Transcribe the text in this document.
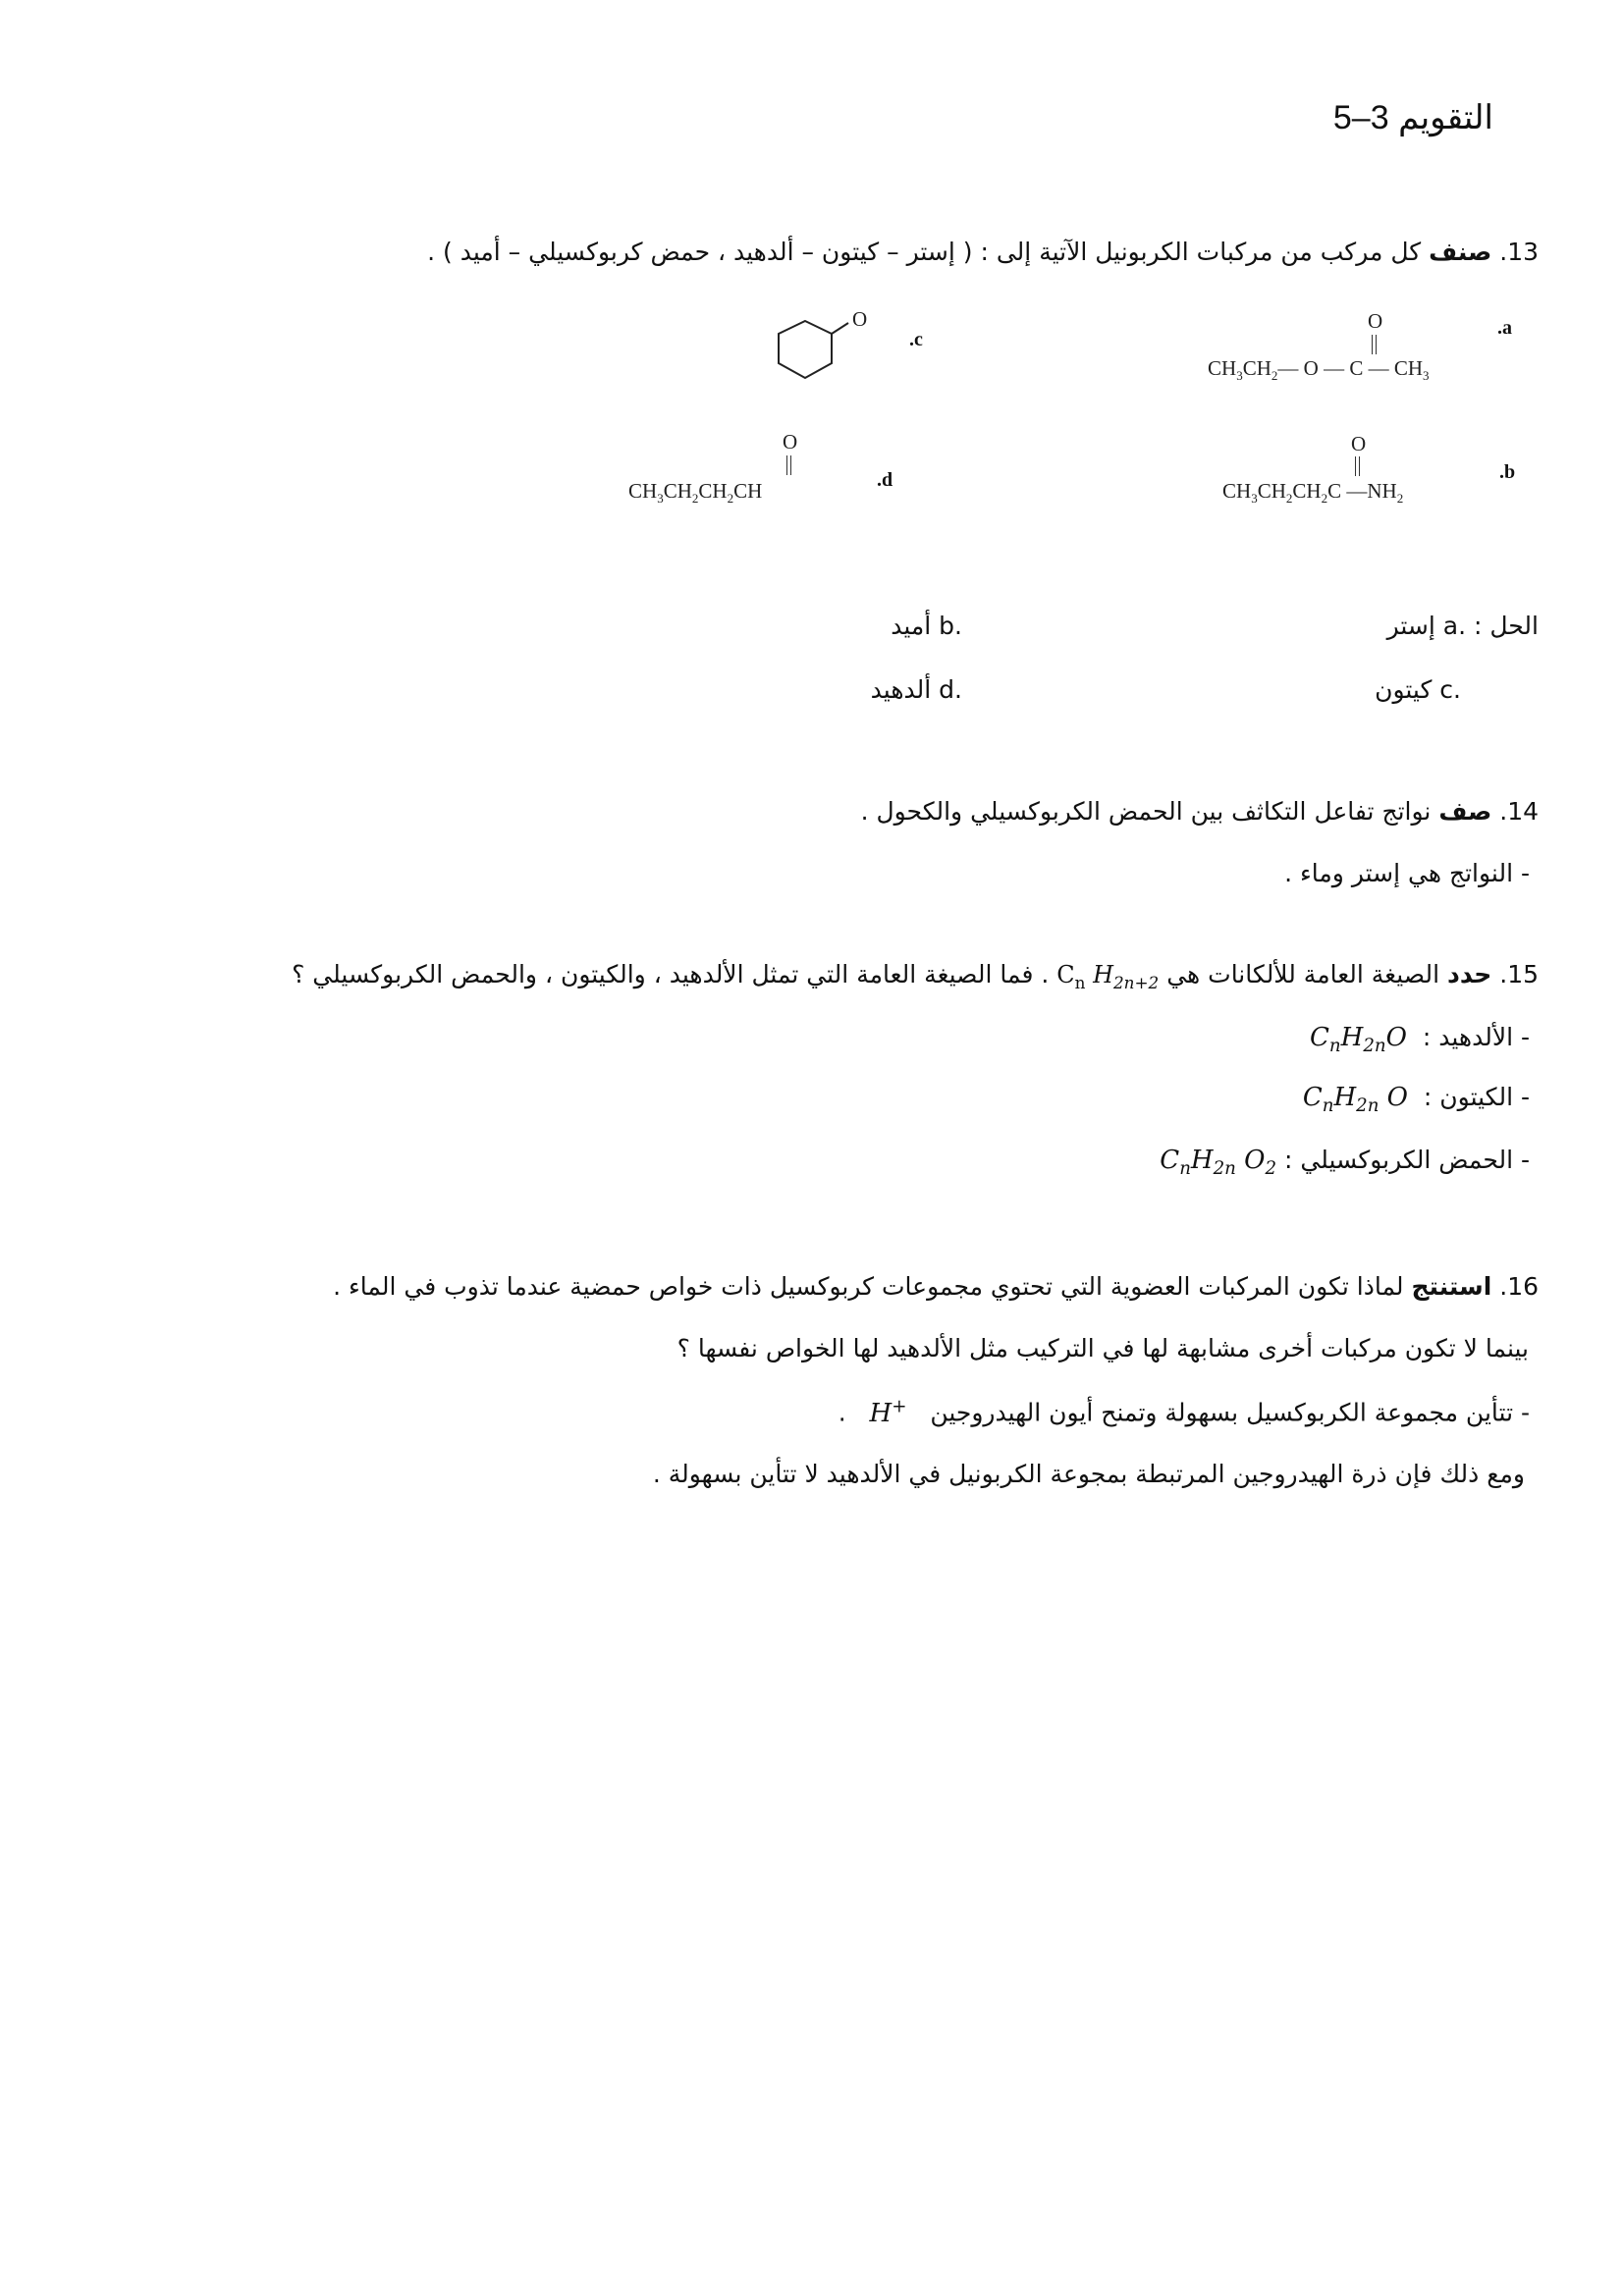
التقويم 3–5
13. صنف كل مركب من مركبات الكربونيل الآتية إلى : ( إستر – كيتون – ألدهيد ، حمض كربوكسيلي – أميد ) .
.a
O
$CH_3CH_2—$ O — C — $CH_3$
.c
O
.b
O
$CH_3CH_2CH_2C$ $—NH_2$
.d
O
$CH_3CH_2CH_2CH$
الحل : a. إستر
b. أميد
c. كيتون
d. ألدهيد
14. صف نواتج تفاعل التكاثف بين الحمض الكربوكسيلي والكحول .
- النواتج هي إستر وماء .
15. حدد الصيغة العامة للألكانات هي $C_n$ $H_{2n+2}$ . فما الصيغة العامة التي تمثل الألدهيد ، والكيتون ، والحمض الكربوكسيلي ؟
- الألدهيد :  $C_nH_{2n}O$
- الكيتون :  $C_nH_{2n}$ O
- الحمض الكربوكسيلي : $C_nH_{2n}$ $O_2$
16. استنتج لماذا تكون المركبات العضوية التي تحتوي مجموعات كربوكسيل ذات خواص حمضية عندما تذوب في الماء .
بينما لا تكون مركبات أخرى مشابهة لها في التركيب مثل الألدهيد لها الخواص نفسها ؟
- تتأين مجموعة الكربوكسيل بسهولة وتمنح أيون الهيدروجين   H+   .
ومع ذلك فإن ذرة الهيدروجين المرتبطة بمجوعة الكربونيل في الألدهيد لا تتأين بسهولة .
